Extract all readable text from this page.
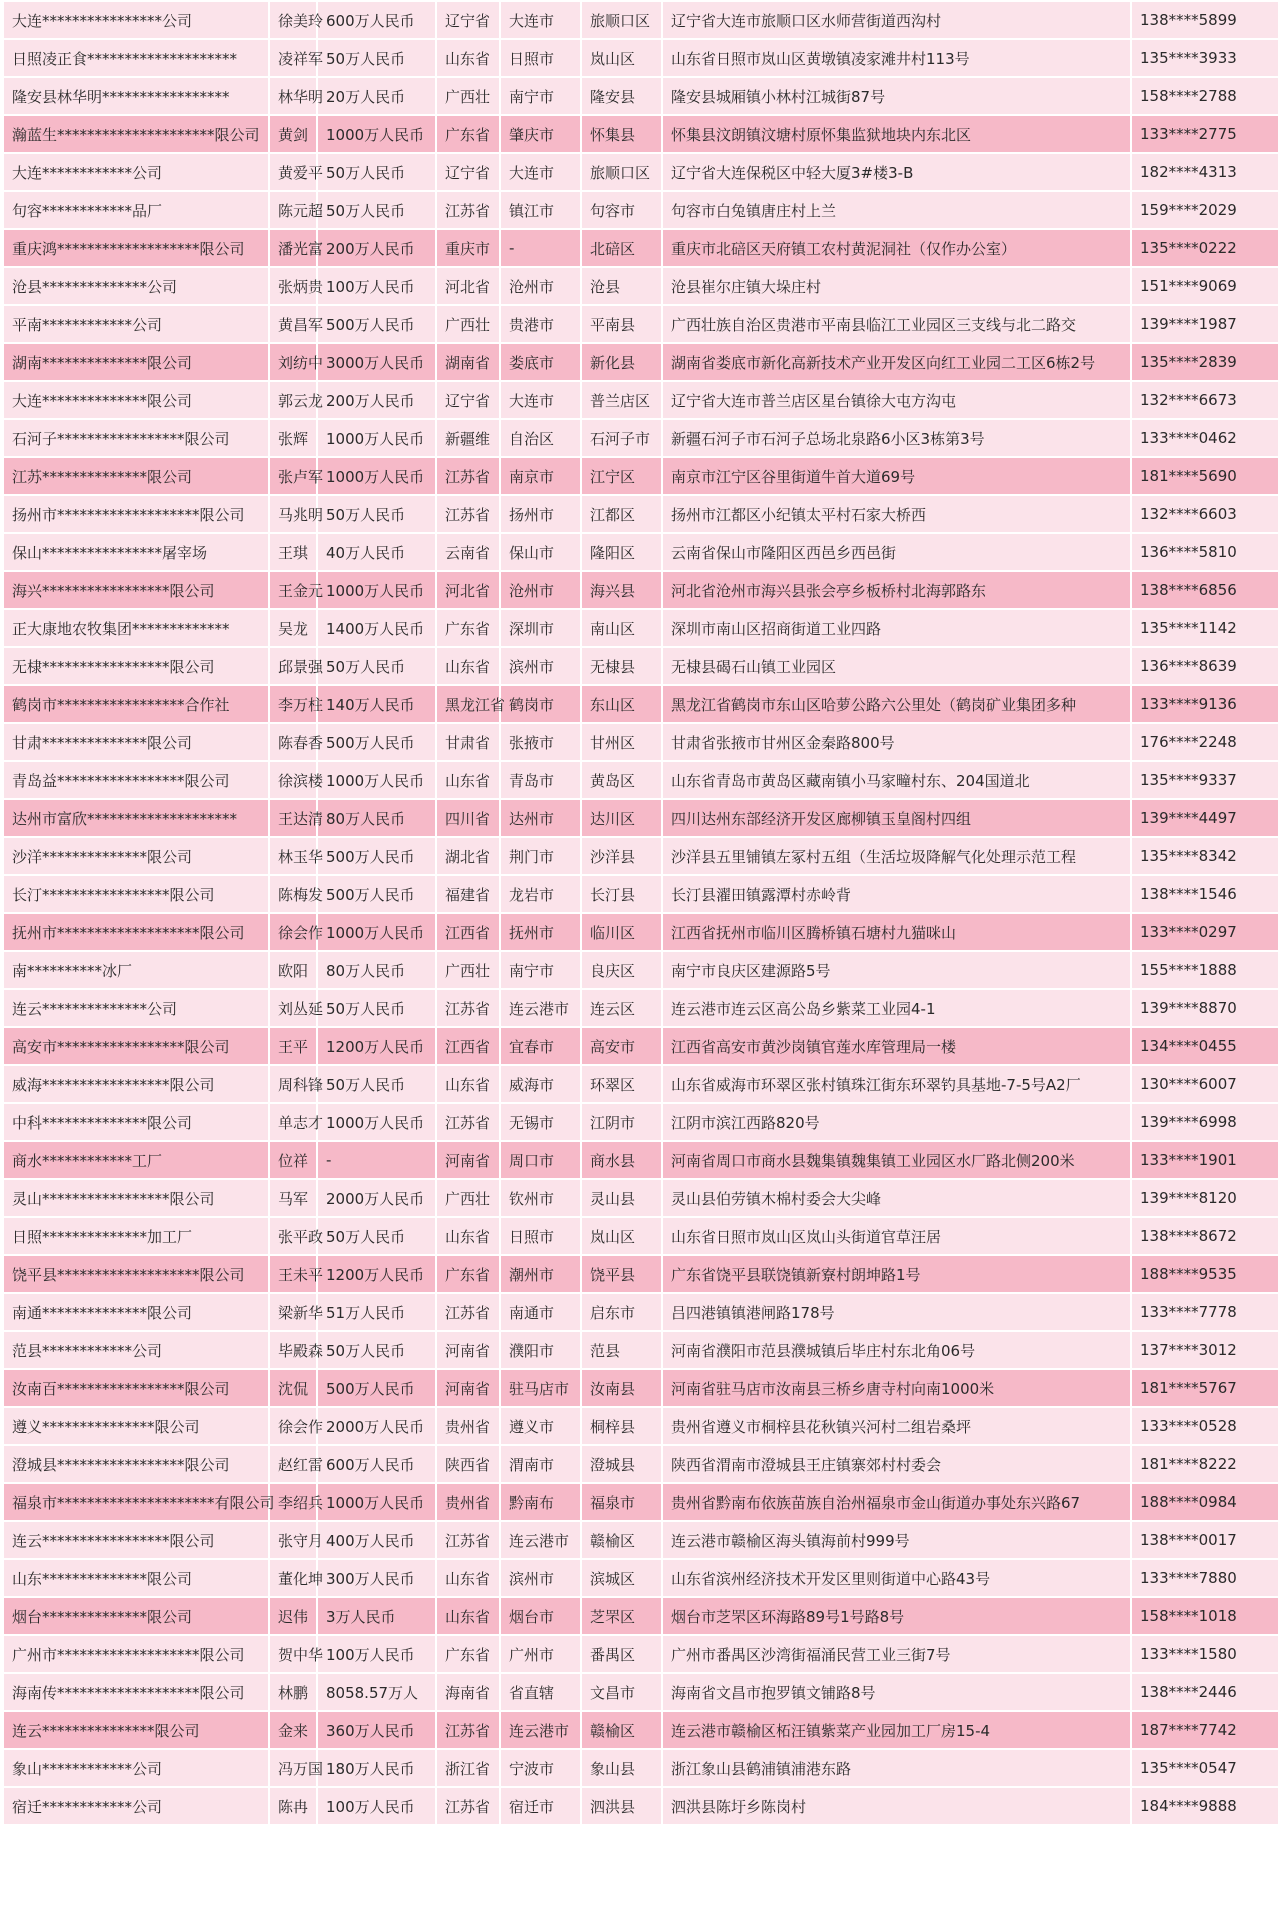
大连****************公司	徐美玲	600万人民币	辽宁省	大连市	旅顺口区	辽宁省大连市旅顺口区水师营街道西沟村	138****5899
日照凌正食********************	凌祥军	50万人民币	山东省	日照市	岚山区	山东省日照市岚山区黄墩镇凌家滩井村113号	135****3933
隆安县林华明*****************	林华明	20万人民币	广西壮	南宁市	隆安县	隆安县城厢镇小林村江城街87号	158****2788
瀚蓝生*********************限公司	黄剑	1000万人民币	广东省	肇庆市	怀集县	怀集县汶朗镇汶塘村原怀集监狱地块内东北区	133****2775
大连************公司	黄爱平	50万人民币	辽宁省	大连市	旅顺口区	辽宁省大连保税区中轻大厦3#楼3-B	182****4313
句容************品厂	陈元超	50万人民币	江苏省	镇江市	句容市	句容市白兔镇唐庄村上兰	159****2029
重庆鸿*******************限公司	潘光富	200万人民币	重庆市	-	北碚区	重庆市北碚区天府镇工农村黄泥洞社（仅作办公室）	135****0222
沧县**************公司	张炳贵	100万人民币	河北省	沧州市	沧县	沧县崔尔庄镇大垛庄村	151****9069
平南************公司	黄昌军	500万人民币	广西壮	贵港市	平南县	广西壮族自治区贵港市平南县临江工业园区三支线与北二路交	139****1987
湖南**************限公司	刘纺中	3000万人民币	湖南省	娄底市	新化县	湖南省娄底市新化高新技术产业开发区向红工业园二工区6栋2号	135****2839
大连**************限公司	郭云龙	200万人民币	辽宁省	大连市	普兰店区	辽宁省大连市普兰店区星台镇徐大屯方沟屯	132****6673
石河子*****************限公司	张辉	1000万人民币	新疆维	自治区	石河子市	新疆石河子市石河子总场北泉路6小区3栋第3号	133****0462
江苏**************限公司	张卢军	1000万人民币	江苏省	南京市	江宁区	南京市江宁区谷里街道牛首大道69号	181****5690
扬州市*******************限公司	马兆明	50万人民币	江苏省	扬州市	江都区	扬州市江都区小纪镇太平村石家大桥西	132****6603
保山****************屠宰场	王琪	40万人民币	云南省	保山市	隆阳区	云南省保山市隆阳区西邑乡西邑街	136****5810
海兴*****************限公司	王金元	1000万人民币	河北省	沧州市	海兴县	河北省沧州市海兴县张会亭乡板桥村北海郭路东	138****6856
正大康地农牧集团*************	吴龙	1400万人民币	广东省	深圳市	南山区	深圳市南山区招商街道工业四路	135****1142
无棣*****************限公司	邱景强	50万人民币	山东省	滨州市	无棣县	无棣县碣石山镇工业园区	136****8639
鹤岗市*****************合作社	李万柱	140万人民币	黑龙江省	鹤岗市	东山区	黑龙江省鹤岗市东山区哈萝公路六公里处（鹤岗矿业集团多种	133****9136
甘肃**************限公司	陈春香	500万人民币	甘肃省	张掖市	甘州区	甘肃省张掖市甘州区金秦路800号	176****2248
青岛益*****************限公司	徐滨楼	1000万人民币	山东省	青岛市	黄岛区	山东省青岛市黄岛区藏南镇小马家疃村东、204国道北	135****9337
达州市富欣********************	王达清	80万人民币	四川省	达州市	达川区	四川达州东部经济开发区廊柳镇玉皇阁村四组	139****4497
沙洋**************限公司	林玉华	500万人民币	湖北省	荆门市	沙洋县	沙洋县五里铺镇左冢村五组（生活垃圾降解气化处理示范工程	135****8342
长汀*****************限公司	陈梅发	500万人民币	福建省	龙岩市	长汀县	长汀县濯田镇露潭村赤岭背	138****1546
抚州市*******************限公司	徐会作	1000万人民币	江西省	抚州市	临川区	江西省抚州市临川区腾桥镇石塘村九猫咪山	133****0297
南**********冰厂	欧阳	80万人民币	广西壮	南宁市	良庆区	南宁市良庆区建源路5号	155****1888
连云**************公司	刘丛延	50万人民币	江苏省	连云港市	连云区	连云港市连云区高公岛乡紫菜工业园4-1	139****8870
高安市*****************限公司	王平	1200万人民币	江西省	宜春市	高安市	江西省高安市黄沙岗镇官莲水库管理局一楼	134****0455
威海*****************限公司	周科锋	50万人民币	山东省	威海市	环翠区	山东省威海市环翠区张村镇珠江街东环翠钓具基地-7-5号A2厂	130****6007
中科**************限公司	单志才	1000万人民币	江苏省	无锡市	江阴市	江阴市滨江西路820号	139****6998
商水************工厂	位祥	-	河南省	周口市	商水县	河南省周口市商水县魏集镇魏集镇工业园区水厂路北侧200米	133****1901
灵山*****************限公司	马军	2000万人民币	广西壮	钦州市	灵山县	灵山县伯劳镇木棉村委会大尖峰	139****8120
日照**************加工厂	张平政	50万人民币	山东省	日照市	岚山区	山东省日照市岚山区岚山头街道官草汪居	138****8672
饶平县*******************限公司	王未平	1200万人民币	广东省	潮州市	饶平县	广东省饶平县联饶镇新寮村朗坤路1号	188****9535
南通**************限公司	梁新华	51万人民币	江苏省	南通市	启东市	吕四港镇镇港闸路178号	133****7778
范县************公司	毕殿森	50万人民币	河南省	濮阳市	范县	河南省濮阳市范县濮城镇后毕庄村东北角06号	137****3012
汝南百*****************限公司	沈侃	500万人民币	河南省	驻马店市	汝南县	河南省驻马店市汝南县三桥乡唐寺村向南1000米	181****5767
遵义***************限公司	徐会作	2000万人民币	贵州省	遵义市	桐梓县	贵州省遵义市桐梓县花秋镇兴河村二组岩桑坪	133****0528
澄城县*****************限公司	赵红雷	600万人民币	陕西省	渭南市	澄城县	陕西省渭南市澄城县王庄镇寨郊村村委会	181****8222
福泉市*********************有限公司	李绍兵	1000万人民币	贵州省	黔南布	福泉市	贵州省黔南布依族苗族自治州福泉市金山街道办事处东兴路67	188****0984
连云*****************限公司	张守月	400万人民币	江苏省	连云港市	赣榆区	连云港市赣榆区海头镇海前村999号	138****0017
山东**************限公司	董化坤	300万人民币	山东省	滨州市	滨城区	山东省滨州经济技术开发区里则街道中心路43号	133****7880
烟台**************限公司	迟伟	3万人民币	山东省	烟台市	芝罘区	烟台市芝罘区环海路89号1号路8号	158****1018
广州市*******************限公司	贺中华	100万人民币	广东省	广州市	番禺区	广州市番禺区沙湾街福涌民营工业三街7号	133****1580
海南传*******************限公司	林鹏	8058.57万人	海南省	省直辖	文昌市	海南省文昌市抱罗镇文铺路8号	138****2446
连云***************限公司	金来	360万人民币	江苏省	连云港市	赣榆区	连云港市赣榆区柘汪镇紫菜产业园加工厂房15-4	187****7742
象山************公司	冯万国	180万人民币	浙江省	宁波市	象山县	浙江象山县鹤浦镇浦港东路	135****0547
宿迁************公司	陈冉	100万人民币	江苏省	宿迁市	泗洪县	泗洪县陈圩乡陈岗村	184****9888
